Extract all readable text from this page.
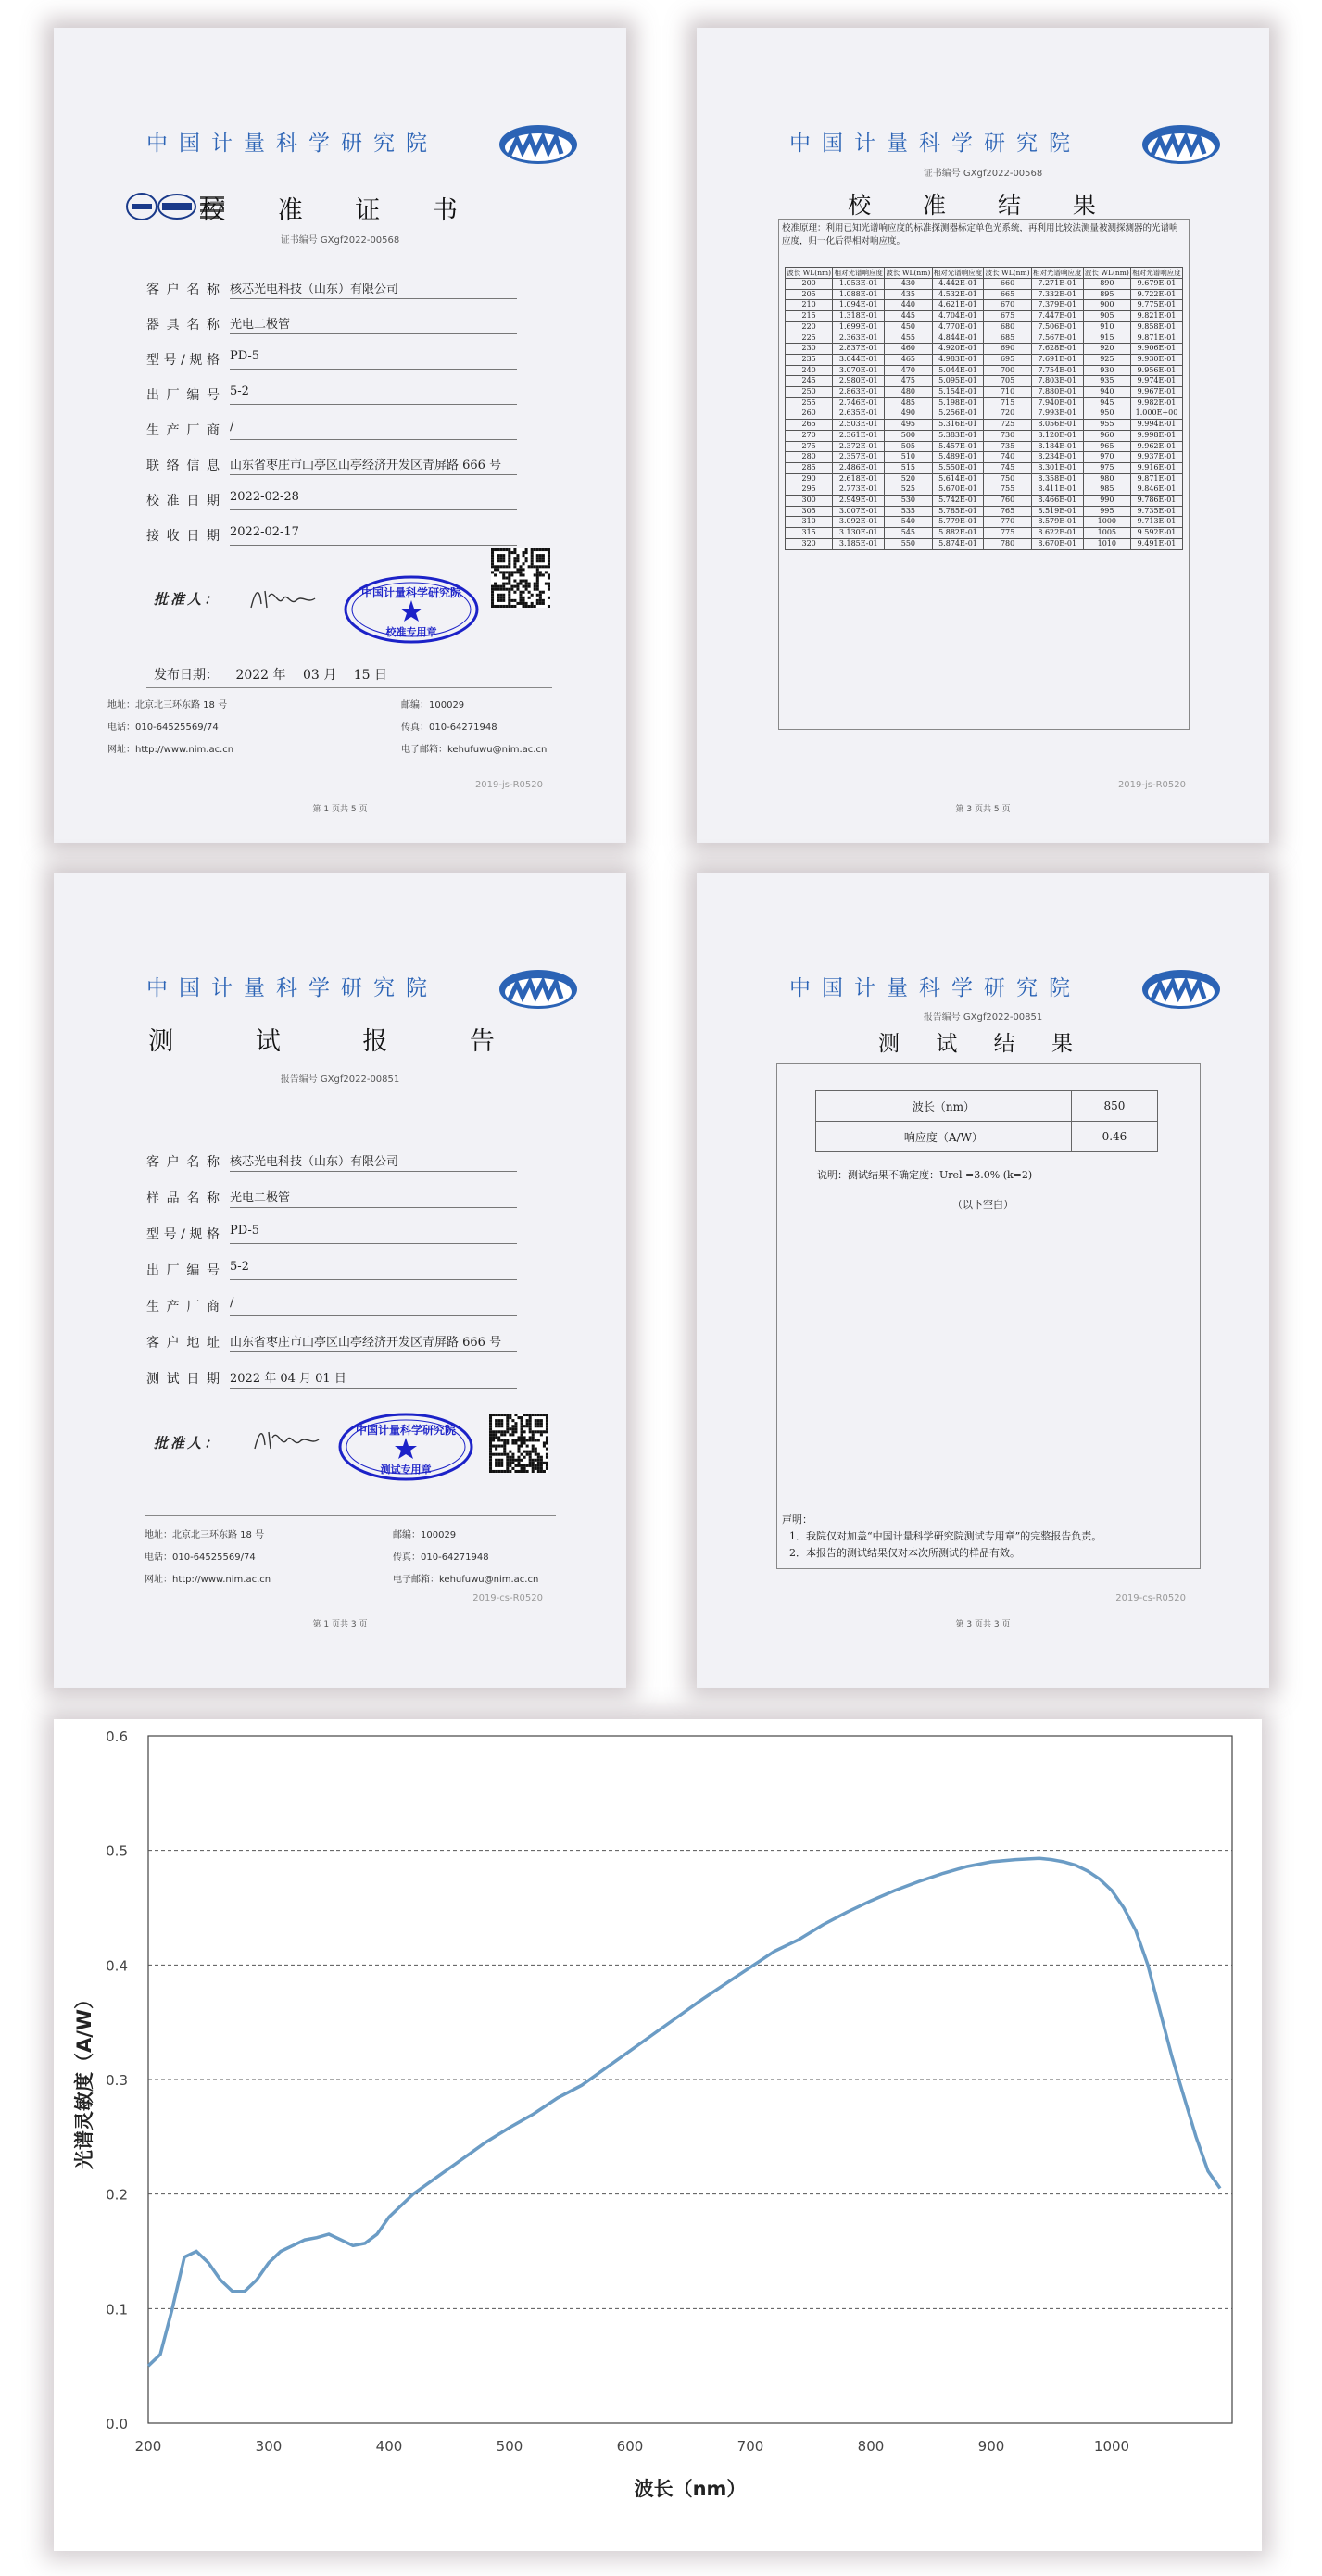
中国计量科学研究院
校 准 证 书
证书编号 GXgf2022-00568
客户名称 核芯光电科技（山东）有限公司
器具名称 光电二极管
型号/规格 PD-5
出厂编号 5-2
生产厂商 /
联络信息 山东省枣庄市山亭区山亭经济开发区青屏路 666 号
校准日期 2022-02-28
接收日期 2022-02-17
批准人：	中国计量科学研究院
校准专用章
发布日期： 2022 年 03 月 15 日
地址：北京北三环东路 18 号	邮编：100029
电话：010-64525569/74	传真：010-64271948
网址：http://www.nim.ac.cn	电子邮箱：kehufuwu@nim.ac.cn
2019-js-R0520
第 1 页共 5 页
中国计量科学研究院
证书编号 GXgf2022-00568
校 准 结 果
校准原理：利用已知光谱响应度的标准探测器标定单色光系统，再利用比较法测量被测探测器的光谱响应度，归一化后得相对响应度。
波长 WL(nm)	相对光谱响应度	波长 WL(nm)	相对光谱响应度	波长 WL(nm)	相对光谱响应度	波长 WL(nm)	相对光谱响应度
200	1.053E-01	430	4.442E-01	660	7.271E-01	890	9.679E-01
205	1.088E-01	435	4.532E-01	665	7.332E-01	895	9.722E-01
210	1.094E-01	440	4.621E-01	670	7.379E-01	900	9.775E-01
215	1.318E-01	445	4.704E-01	675	7.447E-01	905	9.821E-01
220	1.699E-01	450	4.770E-01	680	7.506E-01	910	9.858E-01
225	2.363E-01	455	4.844E-01	685	7.567E-01	915	9.871E-01
230	2.837E-01	460	4.920E-01	690	7.628E-01	920	9.906E-01
235	3.044E-01	465	4.983E-01	695	7.691E-01	925	9.930E-01
240	3.070E-01	470	5.044E-01	700	7.754E-01	930	9.956E-01
245	2.980E-01	475	5.095E-01	705	7.803E-01	935	9.974E-01
250	2.863E-01	480	5.154E-01	710	7.880E-01	940	9.967E-01
255	2.746E-01	485	5.198E-01	715	7.940E-01	945	9.982E-01
260	2.635E-01	490	5.256E-01	720	7.993E-01	950	1.000E+00
265	2.503E-01	495	5.316E-01	725	8.056E-01	955	9.994E-01
270	2.361E-01	500	5.383E-01	730	8.120E-01	960	9.998E-01
275	2.372E-01	505	5.457E-01	735	8.184E-01	965	9.962E-01
280	2.357E-01	510	5.489E-01	740	8.234E-01	970	9.937E-01
285	2.486E-01	515	5.550E-01	745	8.301E-01	975	9.916E-01
290	2.618E-01	520	5.614E-01	750	8.358E-01	980	9.871E-01
295	2.773E-01	525	5.670E-01	755	8.411E-01	985	9.846E-01
300	2.949E-01	530	5.742E-01	760	8.466E-01	990	9.786E-01
305	3.007E-01	535	5.785E-01	765	8.519E-01	995	9.735E-01
310	3.092E-01	540	5.779E-01	770	8.579E-01	1000	9.713E-01
315	3.130E-01	545	5.882E-01	775	8.622E-01	1005	9.592E-01
320	3.185E-01	550	5.874E-01	780	8.670E-01	1010	9.491E-01
2019-js-R0520
第 3 页共 5 页
中国计量科学研究院
测 试 报 告
报告编号 GXgf2022-00851
客户名称 核芯光电科技（山东）有限公司
样品名称 光电二极管
型号/规格 PD-5
出厂编号 5-2
生产厂商 /
客户地址 山东省枣庄市山亭区山亭经济开发区青屏路 666 号
测试日期 2022 年 04 月 01 日
批准人：
中国计量科学研究院
测试专用章
地址：北京北三环东路 18 号	邮编：100029
电话：010-64525569/74	传真：010-64271948
网址：http://www.nim.ac.cn	电子邮箱：kehufuwu@nim.ac.cn
2019-cs-R0520
第 1 页共 3 页
中国计量科学研究院
报告编号 GXgf2022-00851
测 试 结 果
波长（nm）	850
响应度（A/W）	0.46
说明：测试结果不确定度：Urel =3.0% (k=2)
（以下空白）
声明：
1．我院仅对加盖“中国计量科学研究院测试专用章”的完整报告负责。
2．本报告的测试结果仅对本次所测试的样品有效。
2019-cs-R0520
第 3 页共 3 页
0.0
0.1
0.2
0.3
0.4
0.5
0.6
200	300	400	500	600	700	800	900	1000
波长（nm）
光谱灵敏度（A/W）
